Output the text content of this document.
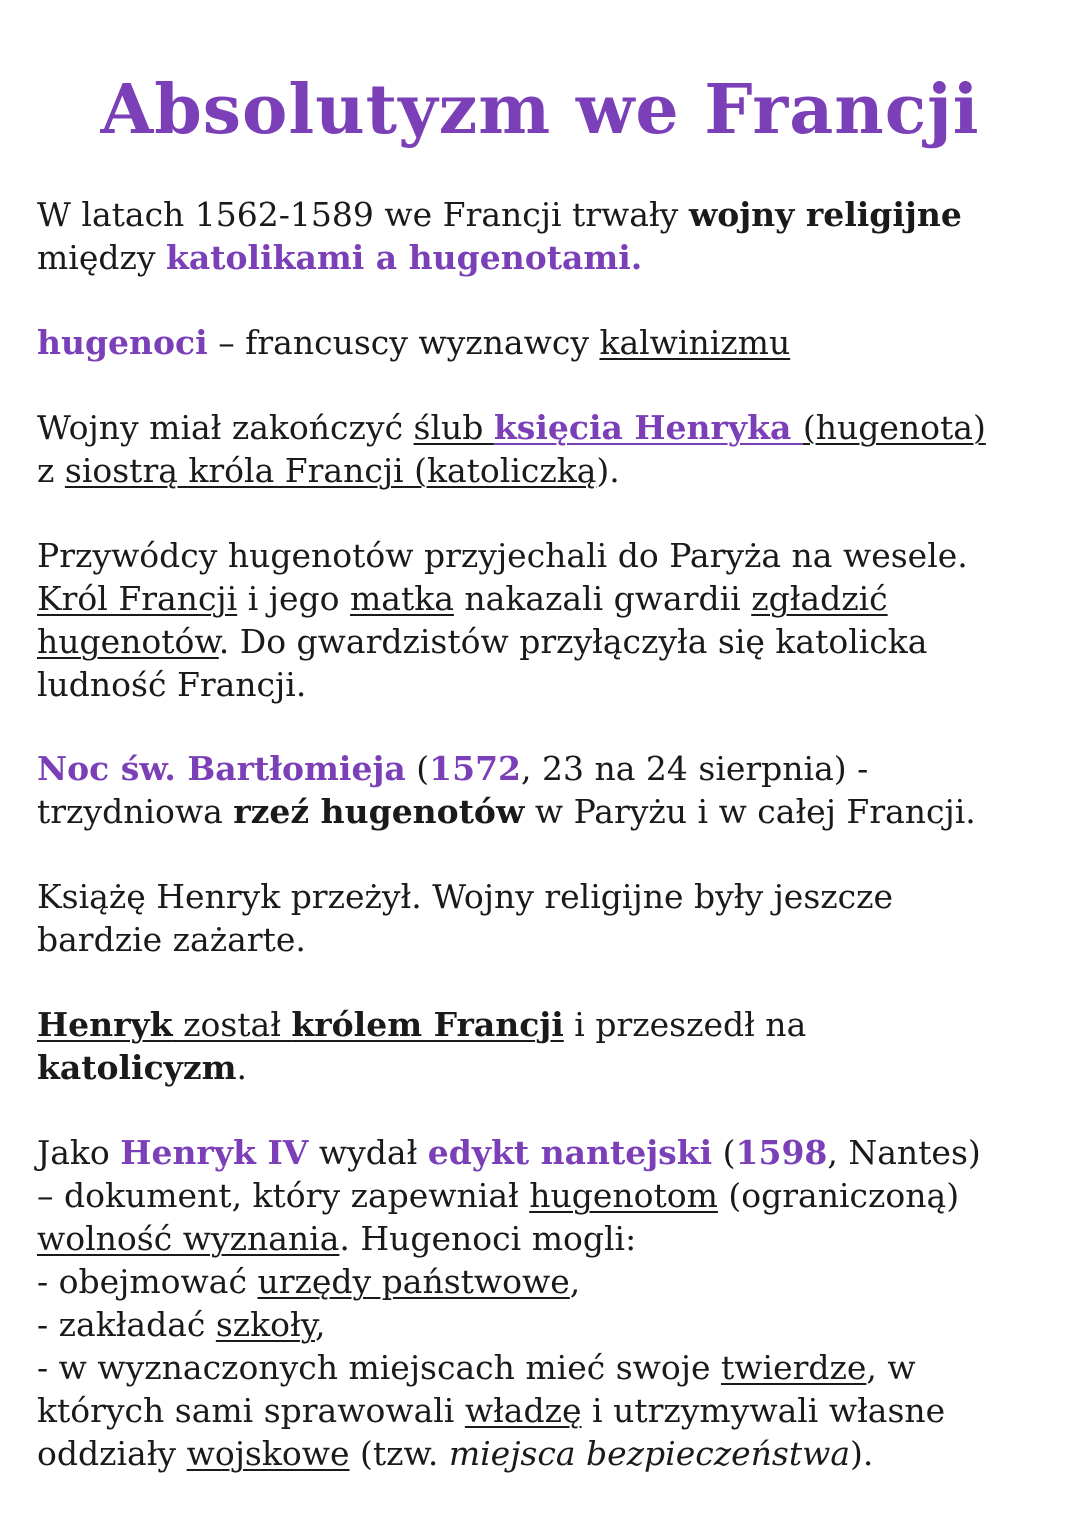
Absolutyzm we Francji

W latach 1562-1589 we Francji trwały wojny religijne
między katolikami a hugenotami.

hugenoci – francuscy wyznawcy kalwinizmu

Wojny miał zakończyć ślub księcia Henryka (hugenota)
z siostrą króla Francji (katoliczką).

Przywódcy hugenotów przyjechali do Paryża na wesele.
Król Francji i jego matka nakazali gwardii zgładzić
hugenotów. Do gwardzistów przyłączyła się katolicka
ludność Francji.

Noc św. Bartłomieja (1572, 23 na 24 sierpnia) -
trzydniowa rzeź hugenotów w Paryżu i w całej Francji.

Książę Henryk przeżył. Wojny religijne były jeszcze
bardzie zażarte.

Henryk został królem Francji i przeszedł na
katolicyzm.

Jako Henryk IV wydał edykt nantejski (1598, Nantes)
– dokument, który zapewniał hugenotom (ograniczoną)
wolność wyznania. Hugenoci mogli:
- obejmować urzędy państwowe,
- zakładać szkoły,
- w wyznaczonych miejscach mieć swoje twierdze, w
których sami sprawowali władzę i utrzymywali własne
oddziały wojskowe (tzw. miejsca bezpieczeństwa).
